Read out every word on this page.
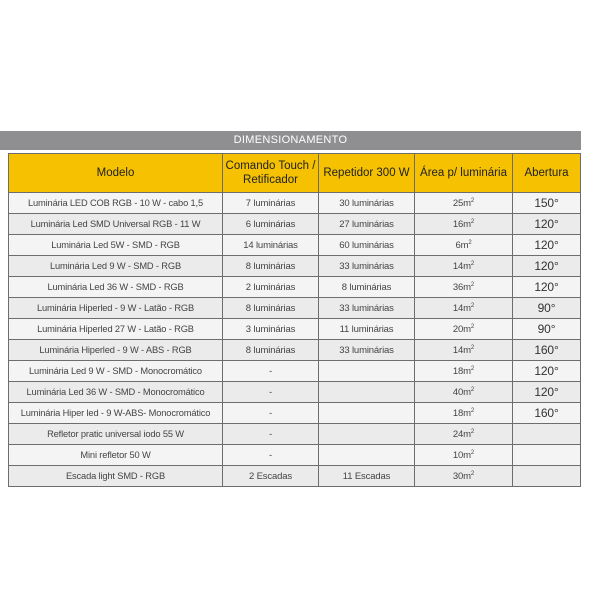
DIMENSIONAMENTO
Modelo	Comando Touch / Retificador	Repetidor 300 W	Área p/ luminária	Abertura
Luminária LED COB RGB - 10 W - cabo 1,5	7 luminárias	30 luminárias	$25m^2$	150°
Luminária Led SMD Universal RGB - 11 W	6 luminárias	27 luminárias	$16m^2$	120°
Luminária Led 5W - SMD - RGB	14 luminárias	60 luminárias	$6m^2$	120°
Luminária Led 9 W - SMD - RGB	8 luminárias	33 luminárias	$14m^2$	120°
Luminária Led 36 W - SMD - RGB	2 luminárias	8 luminárias	$36m^2$	120°
Luminária Hiperled - 9 W - Latão - RGB	8 luminárias	33 luminárias	$14m^2$	90°
Luminária Hiperled 27 W - Latão - RGB	3 luminárias	11 luminárias	$20m^2$	90°
Luminária Hiperled - 9 W - ABS - RGB	8 luminárias	33 luminárias	$14m^2$	160°
Luminária Led 9 W - SMD - Monocromático	-		$18m^2$	120°
Luminária Led 36 W - SMD - Monocromático	-		$40m^2$	120°
Luminária Hiper led - 9 W-ABS- Monocromático	-		$18m^2$	160°
Refletor pratic universal iodo 55 W	-		$24m^2$	
Mini refletor 50 W	-		$10m^2$	
Escada light SMD - RGB	2 Escadas	11 Escadas	$30m^2$	
